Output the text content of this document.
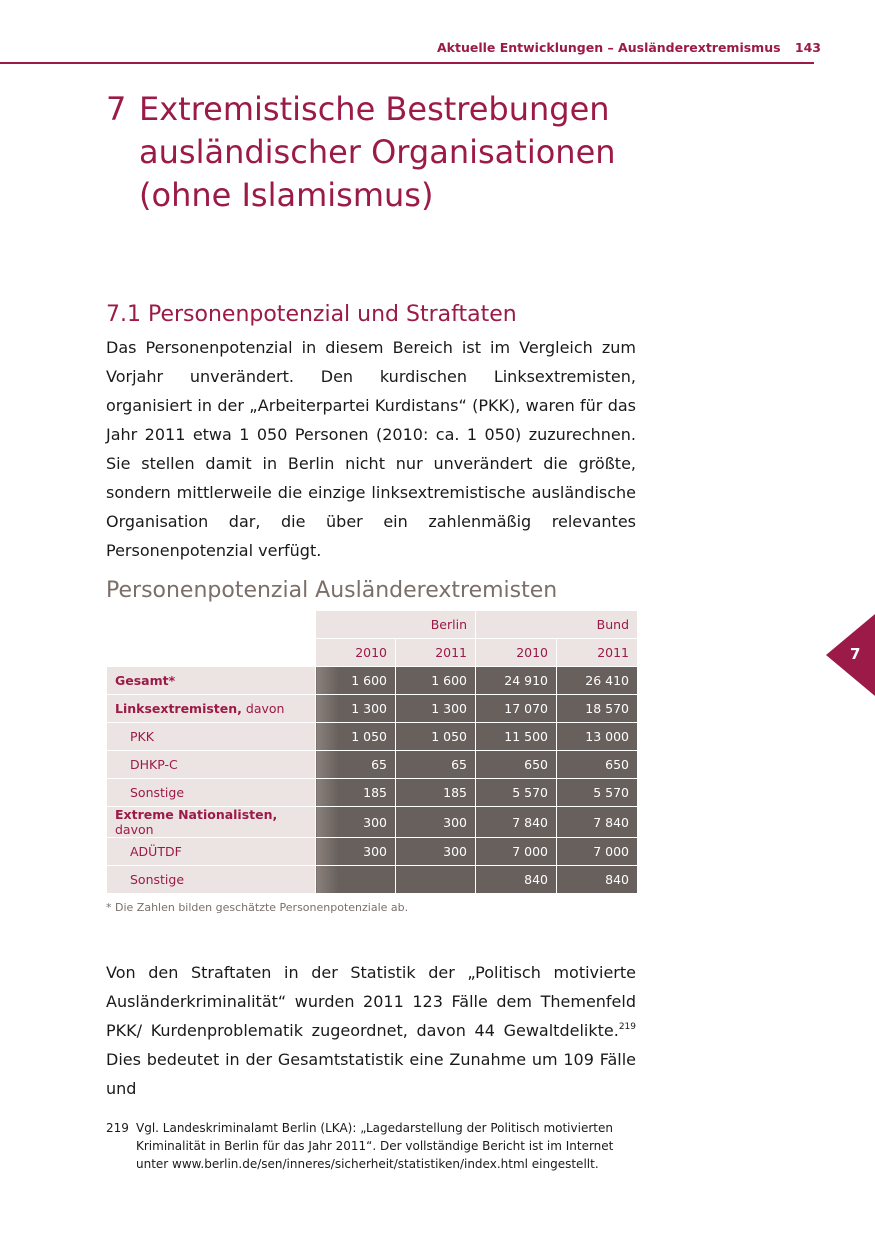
Aktuelle Entwicklungen – Ausländerextremismus 143
7 Extremistische Bestrebungen ausländischer Organisationen (ohne Islamismus)
7.1 Personenpotenzial und Straftaten

Das Personenpotenzial in diesem Bereich ist im Vergleich zum Vorjahr unverändert. Den kurdischen Linksextremisten, organisiert in der „Arbeiterpartei Kurdistans“ (PKK), waren für das Jahr 2011 etwa 1 050 Personen (2010: ca. 1 050) zuzurechnen. Sie stellen damit in Berlin nicht nur unverändert die größte, sondern mittlerweile die einzige linksextremistische ausländische Organisation dar, die über ein zahlenmäßig relevantes Personenpotenzial verfügt.

Personenpotenzial Ausländerextremisten
	Berlin		Bund	
	2010	2011	2010	2011
Gesamt*	1 600	1 600	24 910	26 410
Linksextremisten, davon	1 300	1 300	17 070	18 570
PKK	1 050	1 050	11 500	13 000
DHKP-C	65	65	650	650
Sonstige	185	185	5 570	5 570
Extreme Nationalisten, davon	300	300	7 840	7 840
ADÜTDF	300	300	7 000	7 000
Sonstige			840	840
* Die Zahlen bilden geschätzte Personenpotenziale ab.

Von den Straftaten in der Statistik der „Politisch motivierte Ausländerkriminalität“ wurden 2011 123 Fälle dem Themenfeld PKK/ Kurdenproblematik zugeordnet, davon 44 Gewaltdelikte.$^{219}$ Dies bedeutet in der Gesamtstatistik eine Zunahme um 109 Fälle und

219 Vgl. Landeskriminalamt Berlin (LKA): „Lagedarstellung der Politisch motivierten Kriminalität in Berlin für das Jahr 2011“. Der vollständige Bericht ist im Internet unter www.berlin.de/sen/inneres/sicherheit/statistiken/index.html eingestellt.
7
